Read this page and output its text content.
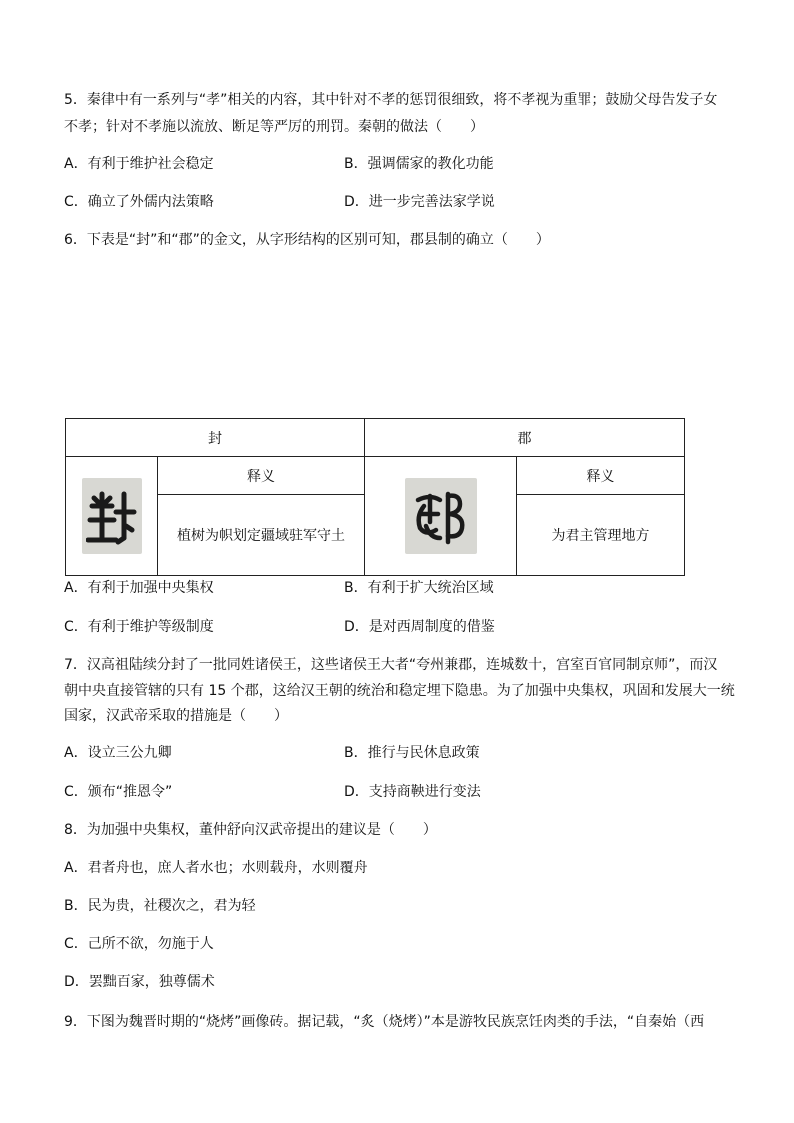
5．秦律中有一系列与“孝”相关的内容，其中针对不孝的惩罚很细致，将不孝视为重罪；鼓励父母告发子女
不孝；针对不孝施以流放、断足等严厉的刑罚。秦朝的做法（　　）
A．有利于维护社会稳定	B．强调儒家的教化功能
C．确立了外儒内法策略	D．进一步完善法家学说
6．下表是“封”和“郡”的金文，从字形结构的区别可知，郡县制的确立（　　）
封		郡	

	释义		释义
	植树为帜划定疆域驻军守土		为君主管理地方
A．有利于加强中央集权	B．有利于扩大统治区域
C．有利于维护等级制度	D．是对西周制度的借鉴
7．汉高祖陆续分封了一批同姓诸侯王，这些诸侯王大者“夸州兼郡，连城数十，宫室百官同制京师”，而汉
朝中央直接管辖的只有 15 个郡，这给汉王朝的统治和稳定埋下隐患。为了加强中央集权，巩固和发展大一统
国家，汉武帝采取的措施是（　　）
A．设立三公九卿	B．推行与民休息政策
C．颁布“推恩令”	D．支持商鞅进行变法
8．为加强中央集权，董仲舒向汉武帝提出的建议是（　　）
A．君者舟也，庶人者水也；水则载舟，水则覆舟
B．民为贵，社稷次之，君为轻
C．己所不欲，勿施于人
D．罢黜百家，独尊儒术
9．下图为魏晋时期的“烧烤”画像砖。据记载，“炙（烧烤）”本是游牧民族烹饪肉类的手法，“自秦始（西
